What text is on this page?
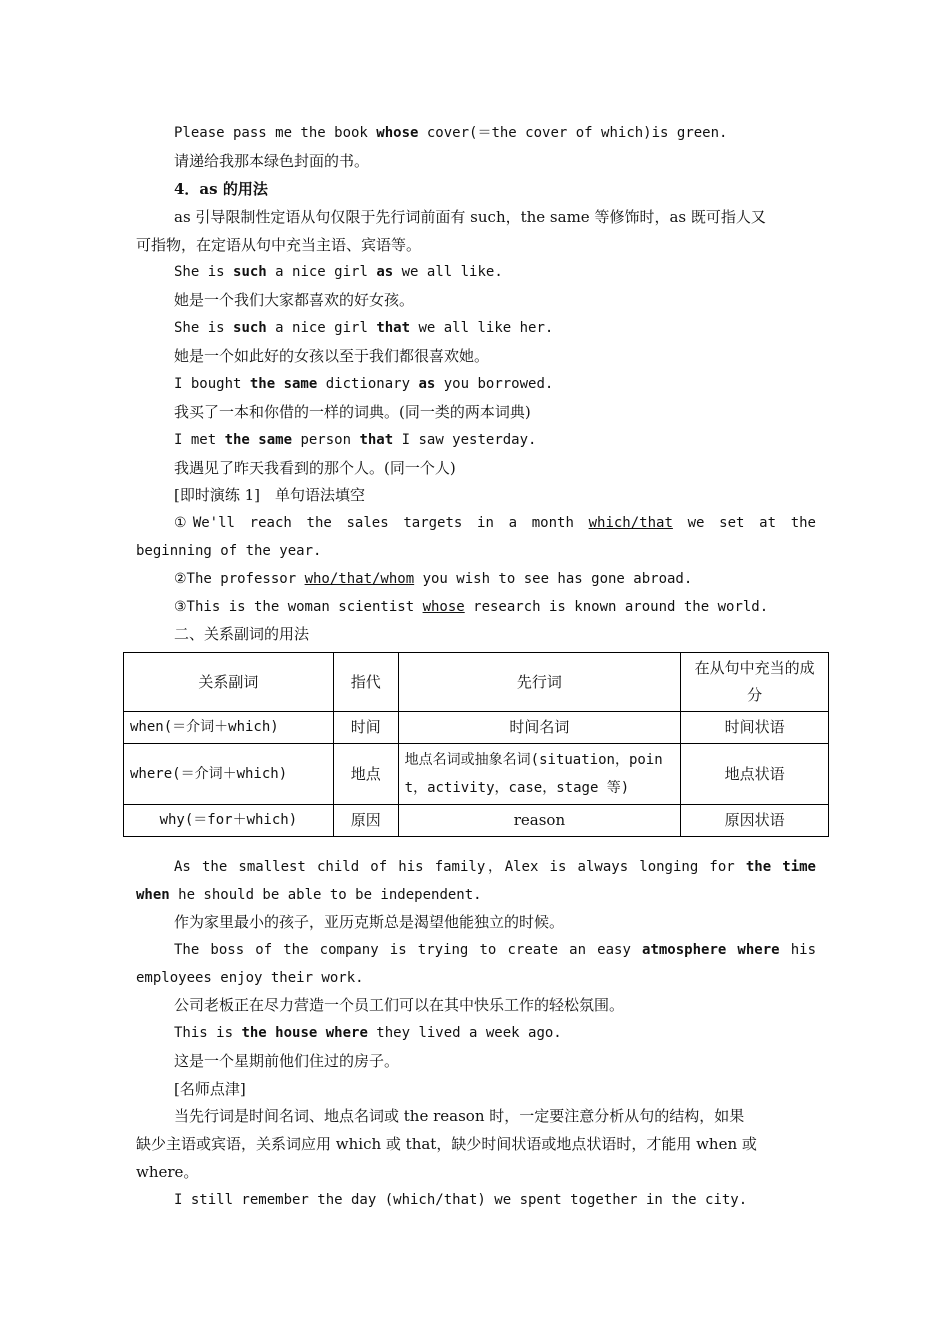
Please pass me the book whose cover(＝the cover of which)is green.
请递给我那本绿色封面的书。
4．as 的用法
as 引导限制性定语从句仅限于先行词前面有 such，the same 等修饰时，as 既可指人又
可指物，在定语从句中充当主语、宾语等。
She is such a nice girl as we all like.
她是一个我们大家都喜欢的好女孩。
She is such a nice girl that we all like her.
她是一个如此好的女孩以至于我们都很喜欢她。
I bought the same dictionary as you borrowed.
我买了一本和你借的一样的词典。(同一类的两本词典)
I met the same person that I saw yesterday.
我遇见了昨天我看到的那个人。(同一个人)
[即时演练 1]　单句语法填空
①We'll reach the sales targets in a month which/that we set at the
beginning of the year.
②The professor who/that/whom you wish to see has gone abroad.
③This is the woman scientist whose research is known around the world.
二、关系副词的用法
关系副词	指代	先行词	在从句中充当的成分
when(＝介词＋which)	时间	时间名词	时间状语
where(＝介词＋which)	地点	地点名词或抽象名词(situation，point，activity，case，stage 等)	地点状语
why(＝for＋which)	原因	reason	原因状语
As the smallest child of his family，Alex is always longing for the time
when he should be able to be independent.
作为家里最小的孩子，亚历克斯总是渴望他能独立的时候。
The boss of the company is trying to create an easy atmosphere where his
employees enjoy their work.
公司老板正在尽力营造一个员工们可以在其中快乐工作的轻松氛围。
This is the house where they lived a week ago.
这是一个星期前他们住过的房子。
[名师点津]
当先行词是时间名词、地点名词或 the reason 时，一定要注意分析从句的结构，如果
缺少主语或宾语，关系词应用 which 或 that，缺少时间状语或地点状语时，才能用 when 或
where。
I still remember the day (which/that) we spent together in the city.
